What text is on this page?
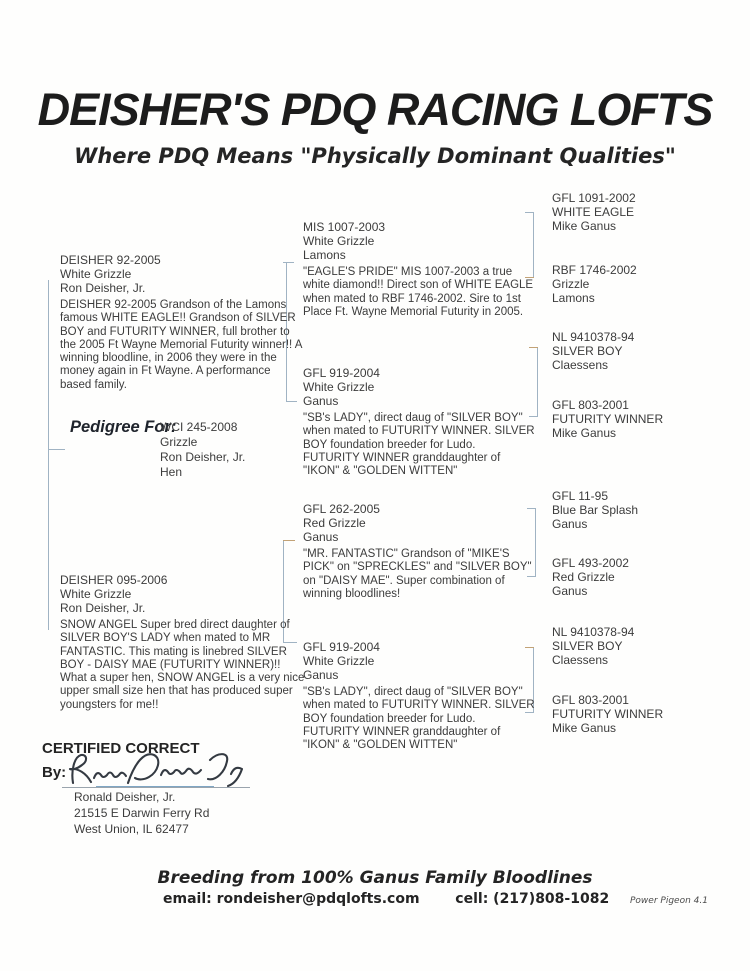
DEISHER'S PDQ RACING LOFTS
Where PDQ Means "Physically Dominant Qualities"
DEISHER 92-2005
White Grizzle
Ron Deisher, Jr.
DEISHER 92-2005 Grandson of the Lamons famous WHITE EAGLE!! Grandson of SILVER BOY and FUTURITY WINNER, full brother to the 2005 Ft Wayne Memorial Futurity winner!! A winning bloodline, in 2006 they were in the money again in Ft Wayne. A performance based family.
Pedigree For:
WCI 245-2008
Grizzle
Ron Deisher, Jr.
Hen
DEISHER 095-2006
White Grizzle
Ron Deisher, Jr.
SNOW ANGEL Super bred direct daughter of SILVER BOY'S LADY when mated to MR FANTASTIC. This mating is linebred SILVER BOY - DAISY MAE (FUTURITY WINNER)!! What a super hen, SNOW ANGEL is a very nice upper small size hen that has produced super youngsters for me!!
MIS 1007-2003
White Grizzle
Lamons
"EAGLE'S PRIDE" MIS 1007-2003 a true white diamond!! Direct son of WHITE EAGLE when mated to RBF 1746-2002. Sire to 1st Place Ft. Wayne Memorial Futurity in 2005.
GFL 919-2004
White Grizzle
Ganus
"SB's LADY", direct daug of "SILVER BOY" when mated to FUTURITY WINNER. SILVER BOY foundation breeder for Ludo. FUTURITY WINNER granddaughter of "IKON" & "GOLDEN WITTEN"
GFL 262-2005
Red Grizzle
Ganus
"MR. FANTASTIC" Grandson of "MIKE'S PICK" on "SPRECKLES" and "SILVER BOY" on "DAISY MAE". Super combination of winning bloodlines!
GFL 919-2004
White Grizzle
Ganus
"SB's LADY", direct daug of "SILVER BOY" when mated to FUTURITY WINNER. SILVER BOY foundation breeder for Ludo. FUTURITY WINNER granddaughter of "IKON" & "GOLDEN WITTEN"
GFL 1091-2002
WHITE EAGLE
Mike Ganus
RBF 1746-2002
Grizzle
Lamons
NL 9410378-94
SILVER BOY
Claessens
GFL 803-2001
FUTURITY WINNER
Mike Ganus
GFL 11-95
Blue Bar Splash
Ganus
GFL 493-2002
Red Grizzle
Ganus
NL 9410378-94
SILVER BOY
Claessens
GFL 803-2001
FUTURITY WINNER
Mike Ganus
CERTIFIED CORRECT
By:
Ronald Deisher, Jr.
21515 E Darwin Ferry Rd
West Union, IL 62477
Breeding from 100% Ganus Family Bloodlines
email: rondeisher@pdqlofts.com	cell: (217)808-1082 Power Pigeon 4.1
